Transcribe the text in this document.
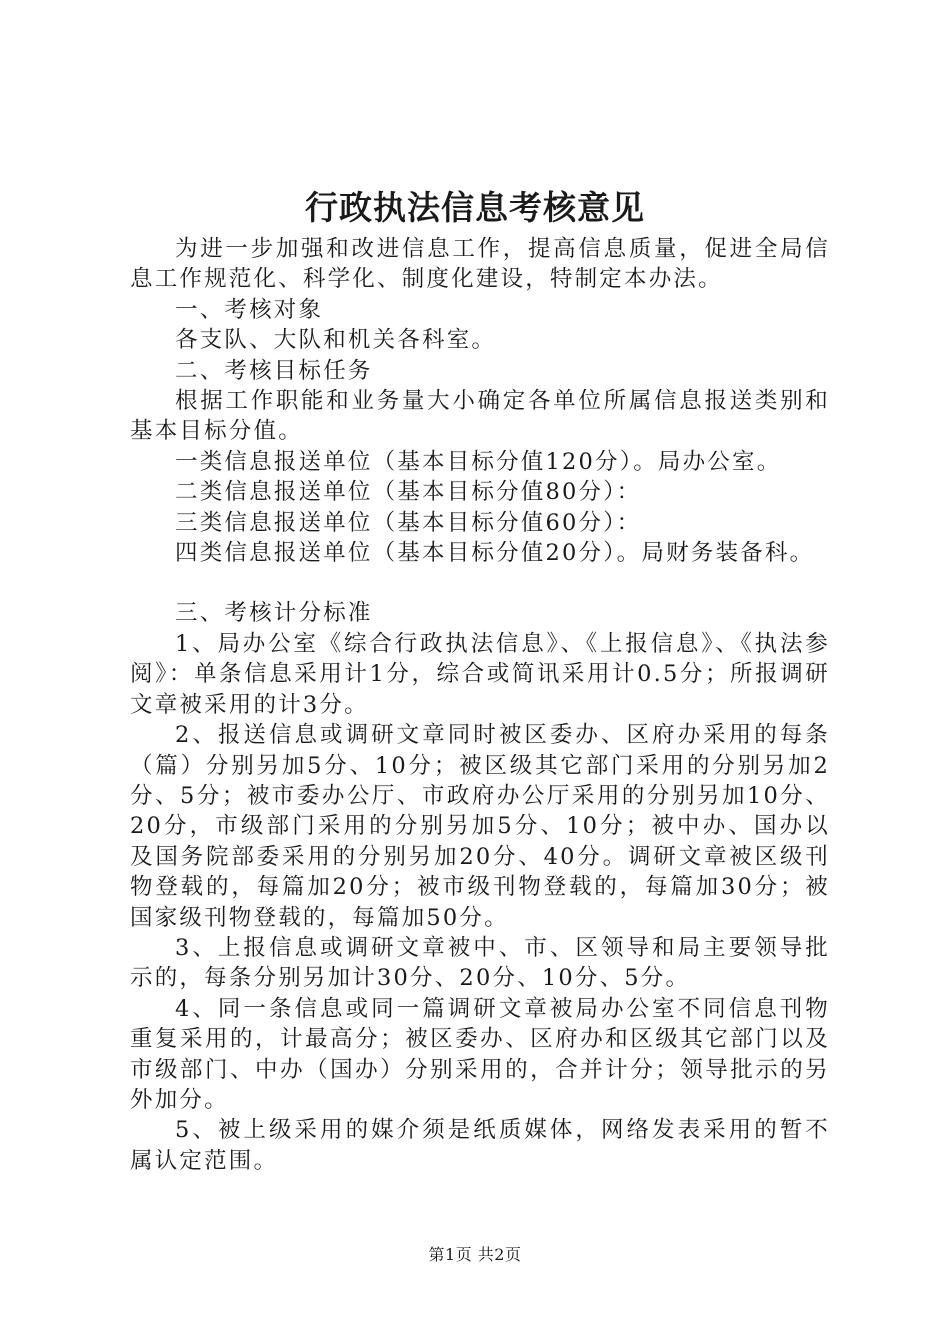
行政执法信息考核意见

为进一步加强和改进信息工作，提高信息质量，促进全局信息工作规范化、科学化、制度化建设，特制定本办法。

一、考核对象

各支队、大队和机关各科室。

二、考核目标任务

根据工作职能和业务量大小确定各单位所属信息报送类别和基本目标分值。

一类信息报送单位（基本目标分值120分）。局办公室。

二类信息报送单位（基本目标分值80分）：

三类信息报送单位（基本目标分值60分）：

四类信息报送单位（基本目标分值20分）。局财务装备科。

三、考核计分标准

1、局办公室《综合行政执法信息》、《上报信息》、《执法参阅》：单条信息采用计1分，综合或简讯采用计0.5分；所报调研文章被采用的计3分。

2、报送信息或调研文章同时被区委办、区府办采用的每条（篇）分别另加5分、10分；被区级其它部门采用的分别另加2分、5分；被市委办公厅、市政府办公厅采用的分别另加10分、20分，市级部门采用的分别另加5分、10分；被中办、国办以及国务院部委采用的分别另加20分、40分。调研文章被区级刊物登载的，每篇加20分；被市级刊物登载的，每篇加30分；被国家级刊物登载的，每篇加50分。

3、上报信息或调研文章被中、市、区领导和局主要领导批示的，每条分别另加计30分、20分、10分、5分。

4、同一条信息或同一篇调研文章被局办公室不同信息刊物重复采用的，计最高分；被区委办、区府办和区级其它部门以及市级部门、中办（国办）分别采用的，合并计分；领导批示的另外加分。

5、被上级采用的媒介须是纸质媒体，网络发表采用的暂不属认定范围。

第1页 共2页
